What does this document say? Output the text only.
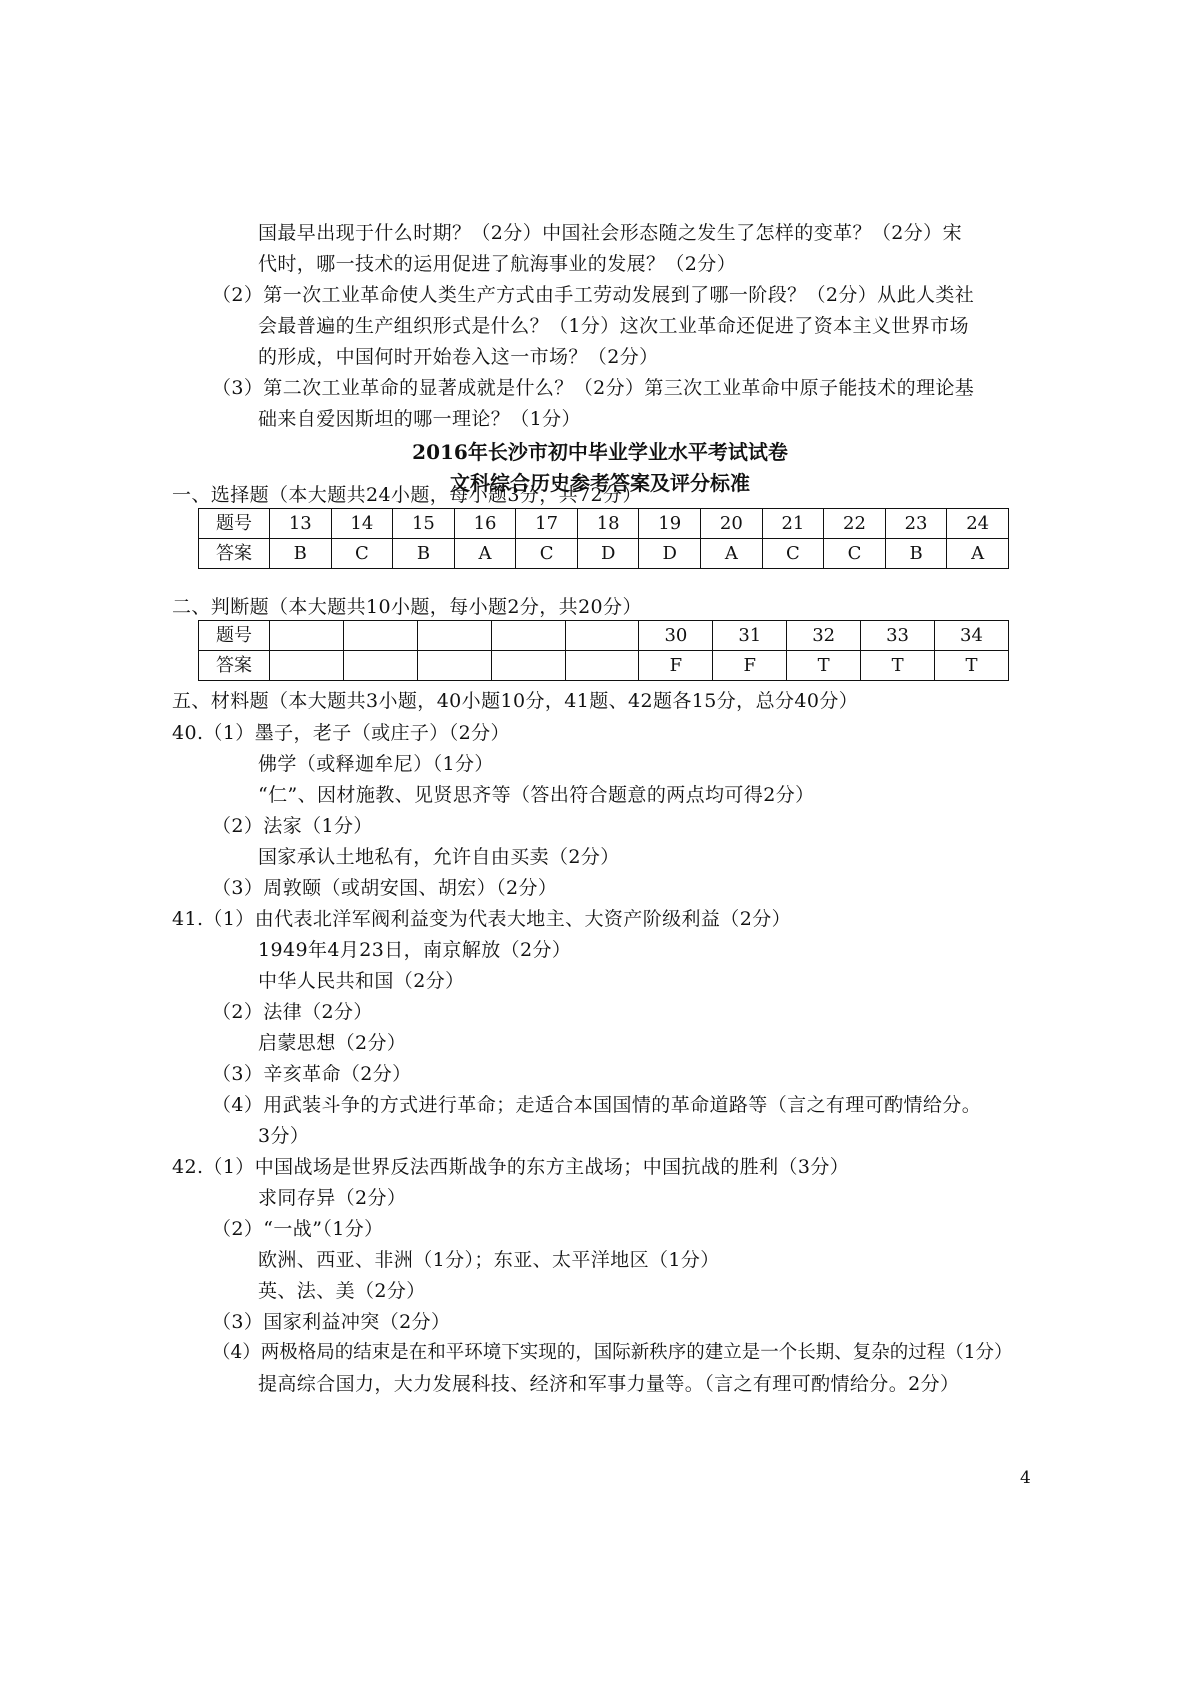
国最早出现于什么时期？（2分）中国社会形态随之发生了怎样的变革？（2分）宋
代时，哪一技术的运用促进了航海事业的发展？（2分）
（2）第一次工业革命使人类生产方式由手工劳动发展到了哪一阶段？（2分）从此人类社
会最普遍的生产组织形式是什么？（1分）这次工业革命还促进了资本主义世界市场
的形成，中国何时开始卷入这一市场？（2分）
（3）第二次工业革命的显著成就是什么？（2分）第三次工业革命中原子能技术的理论基
础来自爱因斯坦的哪一理论？（1分）
2016年长沙市初中毕业学业水平考试试卷
文科综合历史参考答案及评分标准
一、选择题（本大题共24小题，每小题3分，共72分）
题号	13	14	15	16	17	18	19	20	21	22	23	24
答案	B	C	B	A	C	D	D	A	C	C	B	A
二、判断题（本大题共10小题，每小题2分，共20分）
题号						30	31	32	33	34
答案						F	F	T	T	T
五、材料题（本大题共3小题，40小题10分，41题、42题各15分，总分40分）
40.（1）墨子，老子（或庄子）（2分）
佛学（或释迦牟尼）（1分）
“仁”、因材施教、见贤思齐等（答出符合题意的两点均可得2分）
（2）法家（1分）
国家承认土地私有，允许自由买卖（2分）
（3）周敦颐（或胡安国、胡宏）（2分）
41.（1）由代表北洋军阀利益变为代表大地主、大资产阶级利益（2分）
1949年4月23日，南京解放（2分）
中华人民共和国（2分）
（2）法律（2分）
启蒙思想（2分）
（3）辛亥革命（2分）
（4）用武装斗争的方式进行革命；走适合本国国情的革命道路等（言之有理可酌情给分。
3分）
42.（1）中国战场是世界反法西斯战争的东方主战场；中国抗战的胜利（3分）
求同存异（2分）
（2）“一战”（1分）
欧洲、西亚、非洲（1分）；东亚、太平洋地区（1分）
英、法、美（2分）
（3）国家利益冲突（2分）
（4）两极格局的结束是在和平环境下实现的，国际新秩序的建立是一个长期、复杂的过程（1分）
提高综合国力，大力发展科技、经济和军事力量等。（言之有理可酌情给分。2分）
4
